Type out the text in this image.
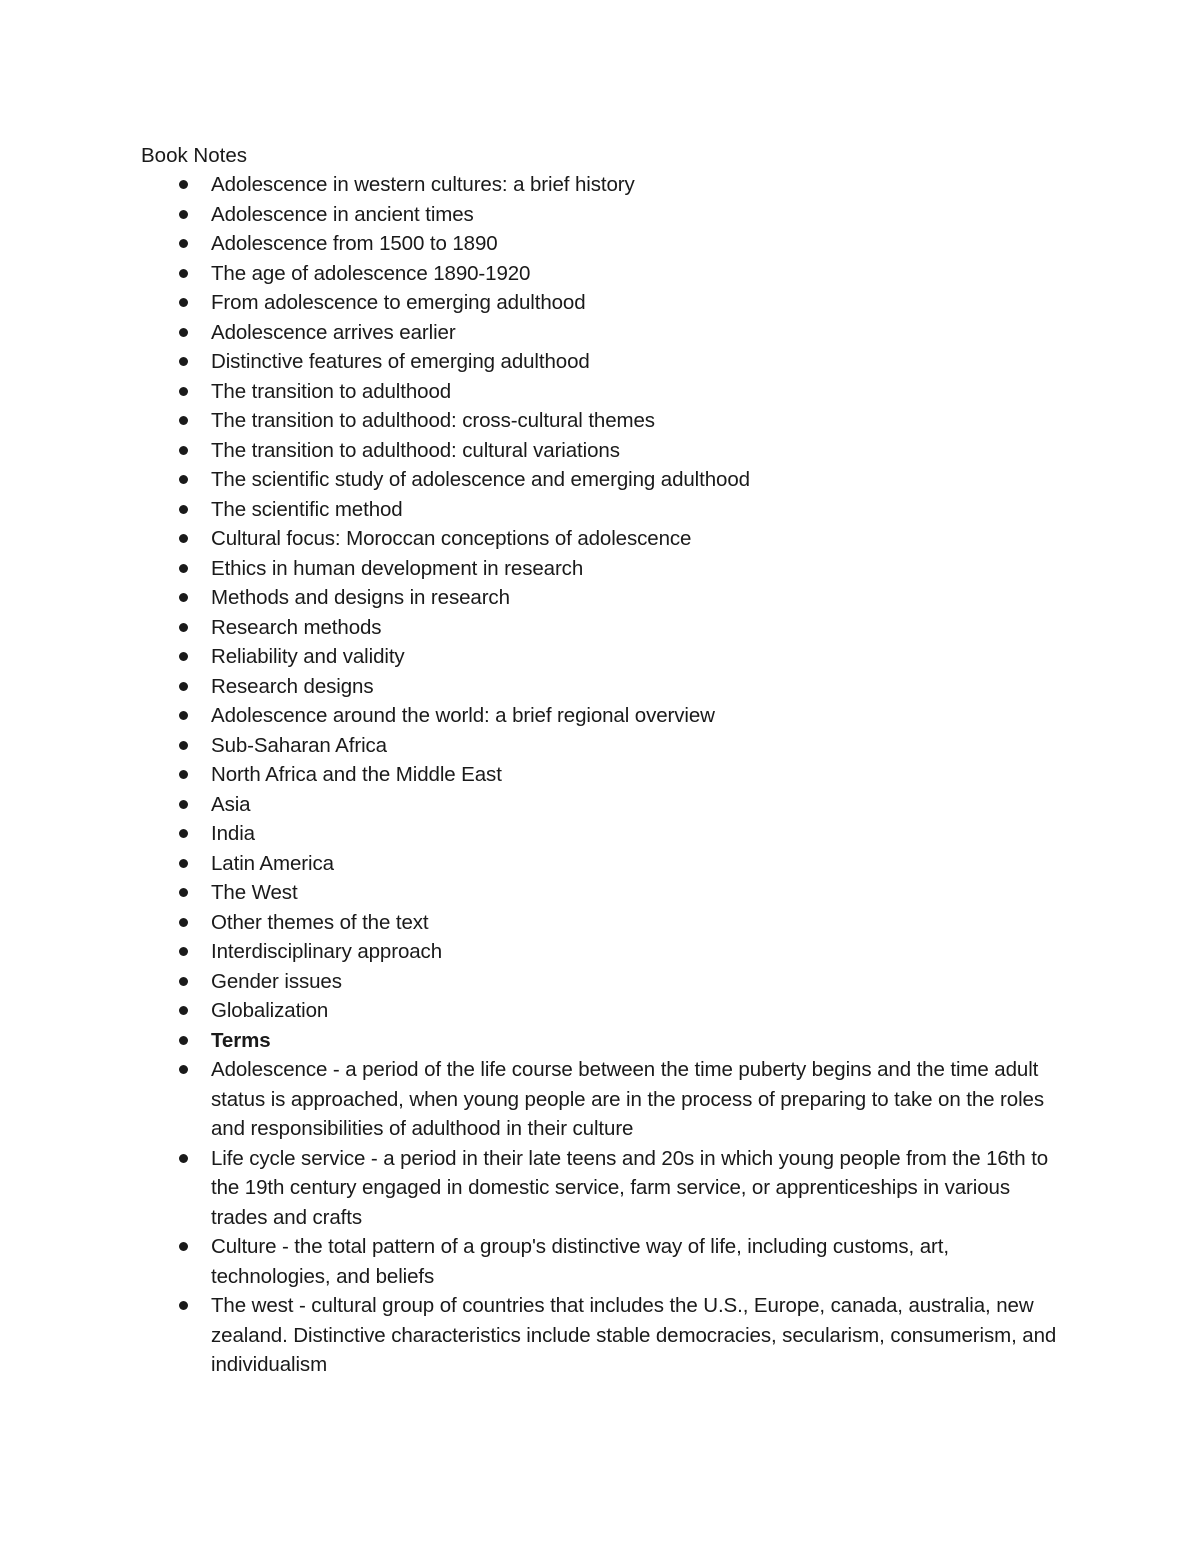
Book Notes
Adolescence in western cultures: a brief history
Adolescence in ancient times
Adolescence from 1500 to 1890
The age of adolescence 1890-1920
From adolescence to emerging adulthood
Adolescence arrives earlier
Distinctive features of emerging adulthood
The transition to adulthood
The transition to adulthood: cross-cultural themes
The transition to adulthood: cultural variations
The scientific study of adolescence and emerging adulthood
The scientific method
Cultural focus: Moroccan conceptions of adolescence
Ethics in human development in research
Methods and designs in research
Research methods
Reliability and validity
Research designs
Adolescence around the world: a brief regional overview
Sub-Saharan Africa
North Africa and the Middle East
Asia
India
Latin America
The West
Other themes of the text
Interdisciplinary approach
Gender issues
Globalization
Terms
Adolescence - a period of the life course between the time puberty begins and the time adult status is approached, when young people are in the process of preparing to take on the roles and responsibilities of adulthood in their culture
Life cycle service - a period in their late teens and 20s in which young people from the 16th to the 19th century engaged in domestic service, farm service, or apprenticeships in various trades and crafts
Culture - the total pattern of a group's distinctive way of life, including customs, art, technologies, and beliefs
The west - cultural group of countries that includes the U.S., Europe, canada, australia, new zealand. Distinctive characteristics include stable democracies, secularism, consumerism, and individualism
